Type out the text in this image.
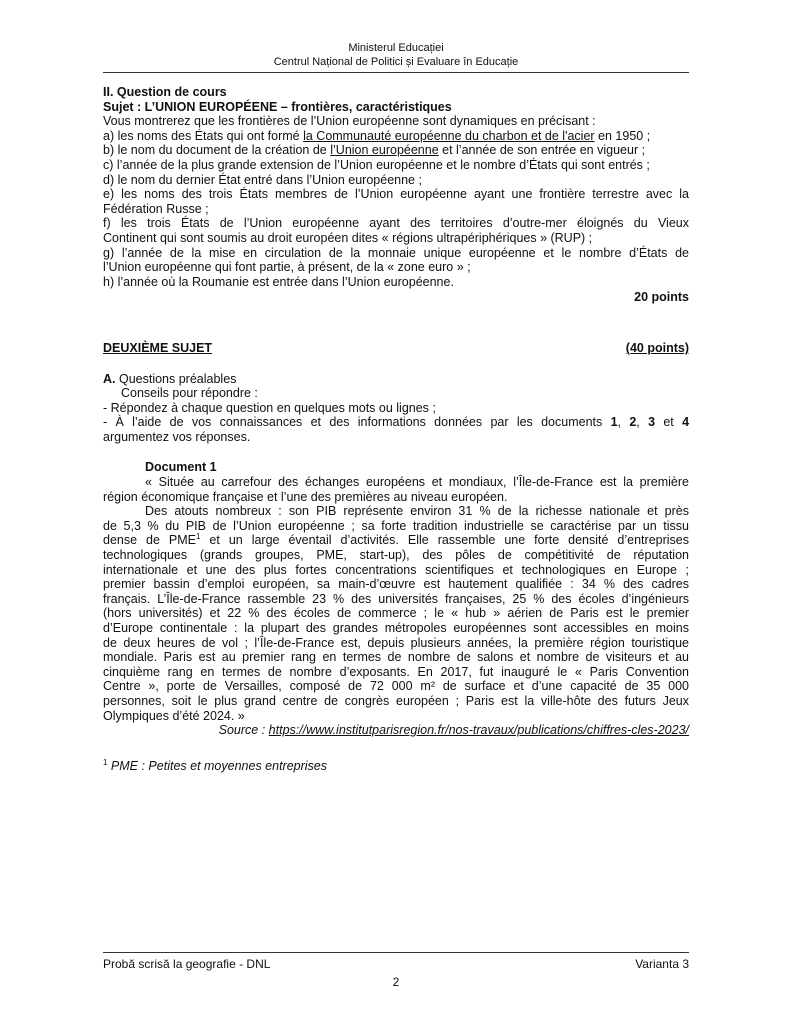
Ministerul Educației
Centrul Național de Politici și Evaluare în Educație
II. Question de cours
Sujet : L’UNION EUROPÉENE – frontières, caractéristiques
Vous montrerez que les frontières de l’Union européenne sont dynamiques en précisant :
a) les noms des États qui ont formé la Communauté européenne du charbon et de l'acier en 1950 ;
b) le nom du document de la création de l’Union européenne et l’année de son entrée en vigueur ;
c) l’année de la plus grande extension de l’Union européenne et le nombre d’États qui sont entrés ;
d) le nom du dernier État entré dans l’Union européenne ;
e) les noms des trois États membres de l’Union européenne ayant une frontière terrestre avec la
Fédération Russe ;
f) les trois États de l’Union européenne ayant des territoires d’outre-mer éloignés du Vieux
Continent qui sont soumis au droit européen dites « régions ultrapériphériques » (RUP) ;
g) l’année de la mise en circulation de la monnaie unique européenne et le nombre d’États de
l’Union européenne qui font partie, à présent, de la « zone euro » ;
h) l’année où la Roumanie est entrée dans l’Union européenne.
20 points
DEUXIÈME SUJET	(40 points)
A. Questions préalables
Conseils pour répondre :
- Répondez à chaque question en quelques mots ou lignes ;
- À l’aide de vos connaissances et des informations données par les documents 1, 2, 3 et 4
argumentez vos réponses.
Document 1
« Située au carrefour des échanges européens et mondiaux, l’Île-de-France est la première
région économique française et l’une des premières au niveau européen.
Des atouts nombreux : son PIB représente environ 31 % de la richesse nationale et près
de 5,3 % du PIB de l’Union européenne ; sa forte tradition industrielle se caractérise par un tissu
dense de PME$^1$ et un large éventail d’activités. Elle rassemble une forte densité d’entreprises
technologiques (grands groupes, PME, start-up), des pôles de compétitivité de réputation
internationale et une des plus fortes concentrations scientifiques et technologiques en Europe ;
premier bassin d’emploi européen, sa main-d’œuvre est hautement qualifiée : 34 % des cadres
français. L’Île-de-France rassemble 23 % des universités françaises, 25 % des écoles d’ingénieurs
(hors universités) et 22 % des écoles de commerce ; le « hub » aérien de Paris est le premier
d’Europe continentale : la plupart des grandes métropoles européennes sont accessibles en moins
de deux heures de vol ; l’Île-de-France est, depuis plusieurs années, la première région touristique
mondiale. Paris est au premier rang en termes de nombre de salons et nombre de visiteurs et au
cinquième rang en termes de nombre d’exposants. En 2017, fut inauguré le « Paris Convention
Centre », porte de Versailles, composé de 72 000 m² de surface et d’une capacité de 35 000
personnes, soit le plus grand centre de congrès européen ; Paris est la ville-hôte des futurs Jeux
Olympiques d’été 2024. »
Source : https://www.institutparisregion.fr/nos-travaux/publications/chiffres-cles-2023/
$^1$ PME : Petites et moyennes entreprises
Probă scrisă la geografie - DNL	Varianta 3
2
